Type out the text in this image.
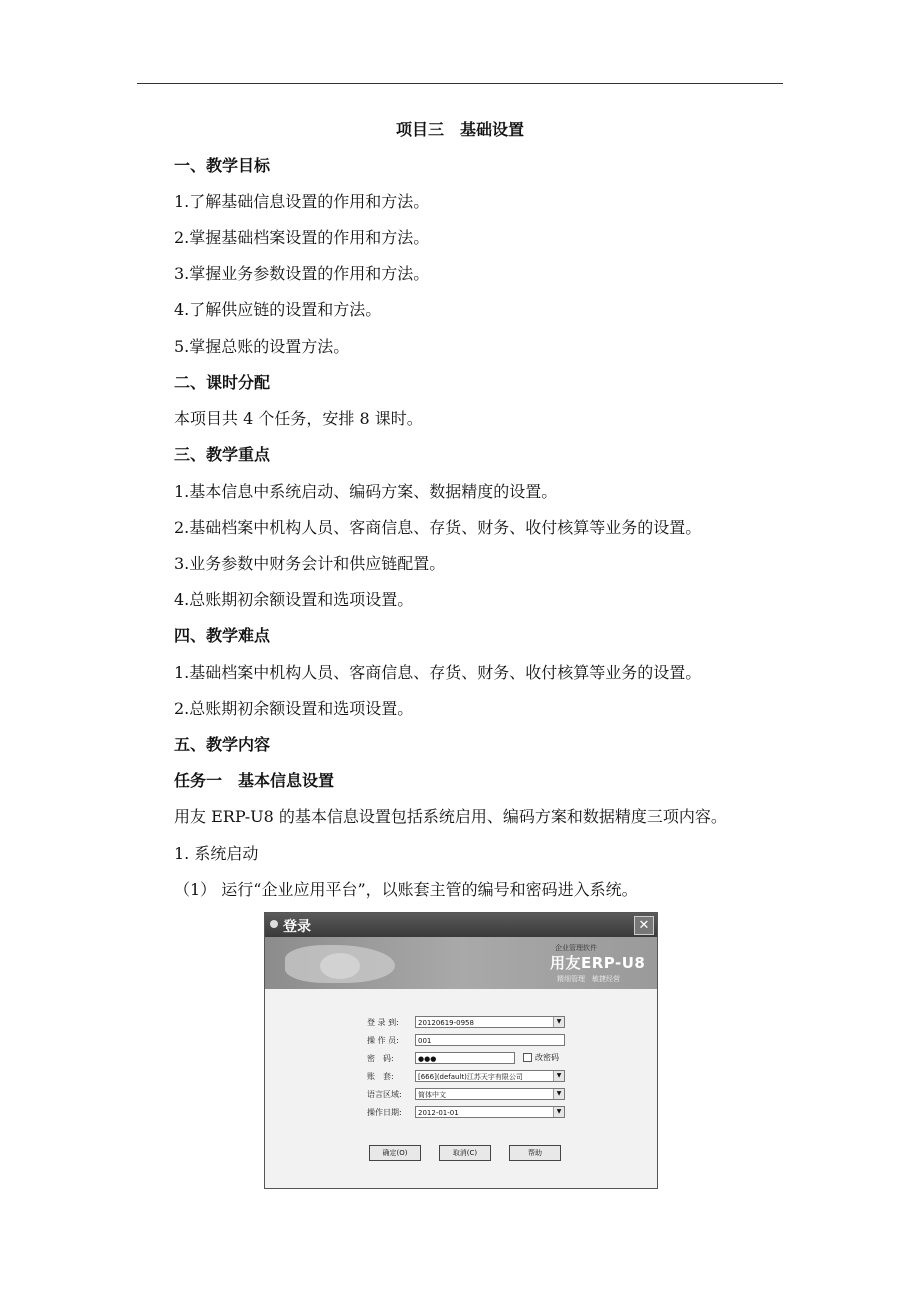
项目三　基础设置
一、教学目标
1.了解基础信息设置的作用和方法。
2.掌握基础档案设置的作用和方法。
3.掌握业务参数设置的作用和方法。
4.了解供应链的设置和方法。
5.掌握总账的设置方法。
二、课时分配
本项目共 4 个任务，安排 8 课时。
三、教学重点
1.基本信息中系统启动、编码方案、数据精度的设置。
2.基础档案中机构人员、客商信息、存货、财务、收付核算等业务的设置。
3.业务参数中财务会计和供应链配置。
4.总账期初余额设置和选项设置。
四、教学难点
1.基础档案中机构人员、客商信息、存货、财务、收付核算等业务的设置。
2.总账期初余额设置和选项设置。
五、教学内容
任务一　基本信息设置
用友 ERP-U8 的基本信息设置包括系统启用、编码方案和数据精度三项内容。
1. 系统启动
（1） 运行“企业应用平台”，以账套主管的编号和密码进入系统。
登录	✕
企业管理软件
用友ERP-U8
精细管理　敏捷经营
登 录 到:	20120619-0958	▼
操 作 员:	001
密　码:	●●●	改密码
账　套:	[666](default)江苏天宇有限公司	▼
语言区域:	简体中文	▼
操作日期:	2012-01-01	▼
确定(O)	取消(C)	帮助
